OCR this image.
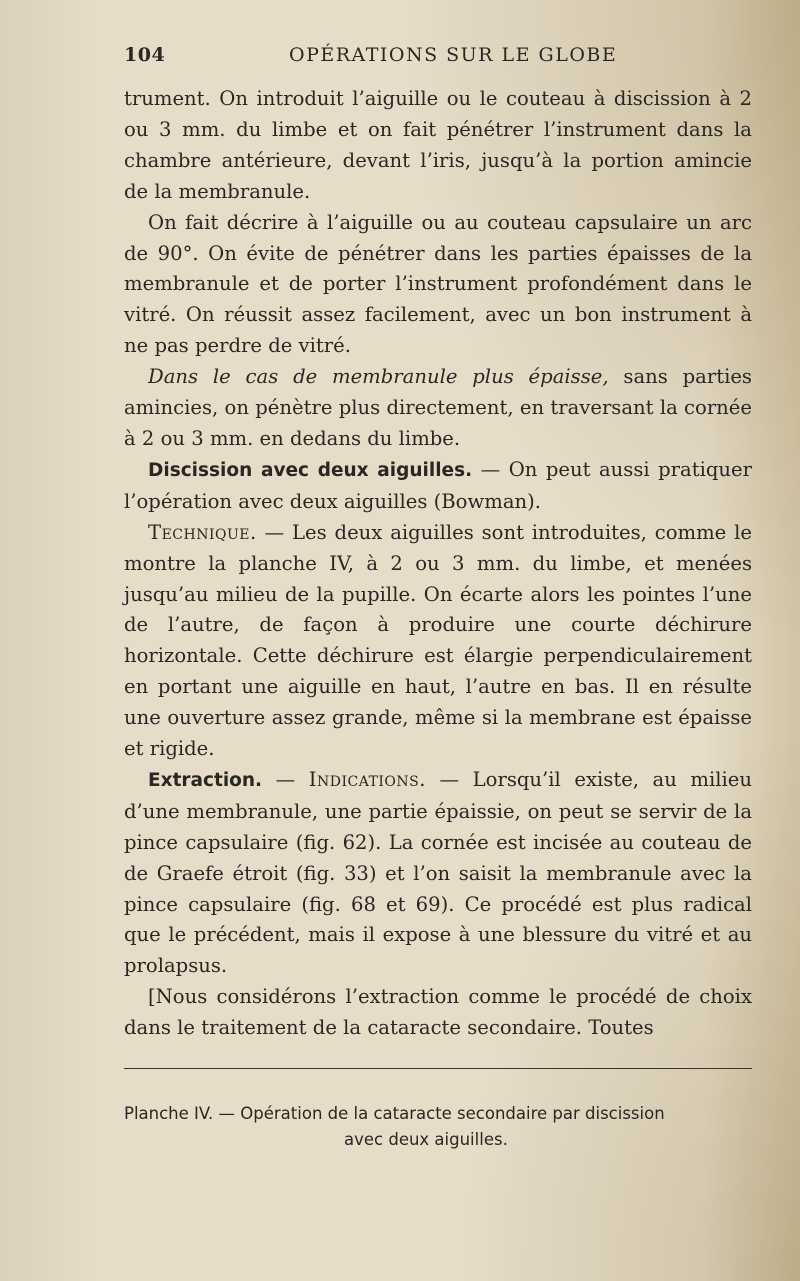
104	OPÉRATIONS SUR LE GLOBE

trument. On introduit l’aiguille ou le couteau à discission à 2 ou 3 mm. du limbe et on fait pénétrer l’instrument dans la chambre antérieure, devant l’iris, jusqu’à la portion amincie de la membranule.

On fait décrire à l’aiguille ou au couteau capsulaire un arc de 90°. On évite de pénétrer dans les parties épaisses de la membranule et de porter l’instrument profondément dans le vitré. On réussit assez facilement, avec un bon instrument à ne pas perdre de vitré.

Dans le cas de membranule plus épaisse, sans parties amincies, on pénètre plus directement, en traversant la cornée à 2 ou 3 mm. en dedans du limbe.

Discission avec deux aiguilles. — On peut aussi pratiquer l’opération avec deux aiguilles (Bowman).

Technique. — Les deux aiguilles sont introduites, comme le montre la planche IV, à 2 ou 3 mm. du limbe, et menées jusqu’au milieu de la pupille. On écarte alors les pointes l’une de l’autre, de façon à produire une courte déchirure horizontale. Cette déchirure est élargie perpendiculairement en portant une aiguille en haut, l’autre en bas. Il en résulte une ouverture assez grande, même si la membrane est épaisse et rigide.

Extraction. — Indications. — Lorsqu’il existe, au milieu d’une membranule, une partie épaissie, on peut se servir de la pince capsulaire (fig. 62). La cornée est incisée au couteau de de Graefe étroit (fig. 33) et l’on saisit la membranule avec la pince capsulaire (fig. 68 et 69). Ce procédé est plus radical que le précédent, mais il expose à une blessure du vitré et au prolapsus.

[Nous considérons l’extraction comme le procédé de choix dans le traitement de la cataracte secondaire. Toutes

Planche IV. — Opération de la cataracte secondaire par discission
avec deux aiguilles.
